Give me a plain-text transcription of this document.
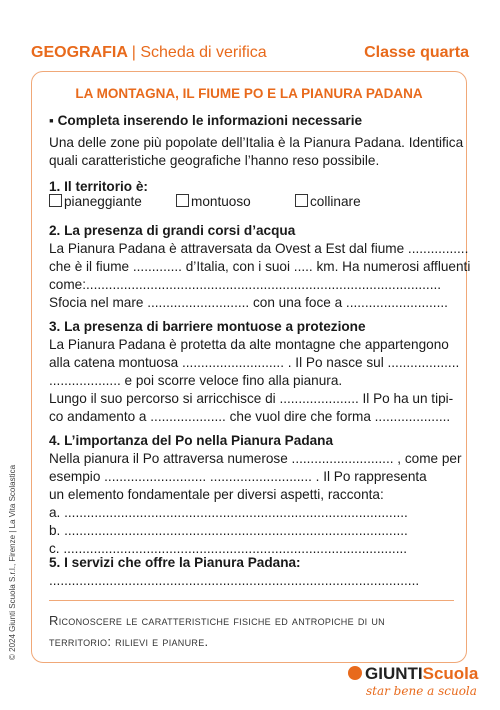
GEOGRAFIA | Scheda di verifica	Classe quarta
LA MONTAGNA, IL FIUME PO E LA PIANURA PADANA
▪ Completa inserendo le informazioni necessarie
Una delle zone più popolate dell’Italia è la Pianura Padana. Identifica
quali caratteristiche geografiche l’hanno reso possibile.
1. Il territorio è:
pianeggiante	montuoso	collinare
2. La presenza di grandi corsi d’acqua
La Pianura Padana è attraversata da Ovest a Est dal fiume ................
che è il fiume ............. d’Italia, con i suoi ..... km. Ha numerosi affluenti
come:..............................................................................................
Sfocia nel mare ........................... con una foce a ...........................
3. La presenza di barriere montuose a protezione
La Pianura Padana è protetta da alte montagne che appartengono
alla catena montuosa ........................... . Il Po nasce sul ...................
................... e poi scorre veloce fino alla pianura.
Lungo il suo percorso si arricchisce di ..................... Il Po ha un tipi-
co andamento a .................... che vuol dire che forma ....................
4. L’importanza del Po nella Pianura Padana
Nella pianura il Po attraversa numerose ........................... , come per
esempio ........................... ........................... . Il Po rappresenta
un elemento fondamentale per diversi aspetti, racconta:
a. ...........................................................................................
b. ...........................................................................................
c. ...........................................................................................
5. I servizi che offre la Pianura Padana:
..................................................................................................
Riconoscere le caratteristiche fisiche ed antropiche di un
territorio: rilievi e pianure.
© 2024 Giunti Scuola S.r.l., Firenze | La Vita Scolastica
GIUNTIScuola
star bene a scuola
